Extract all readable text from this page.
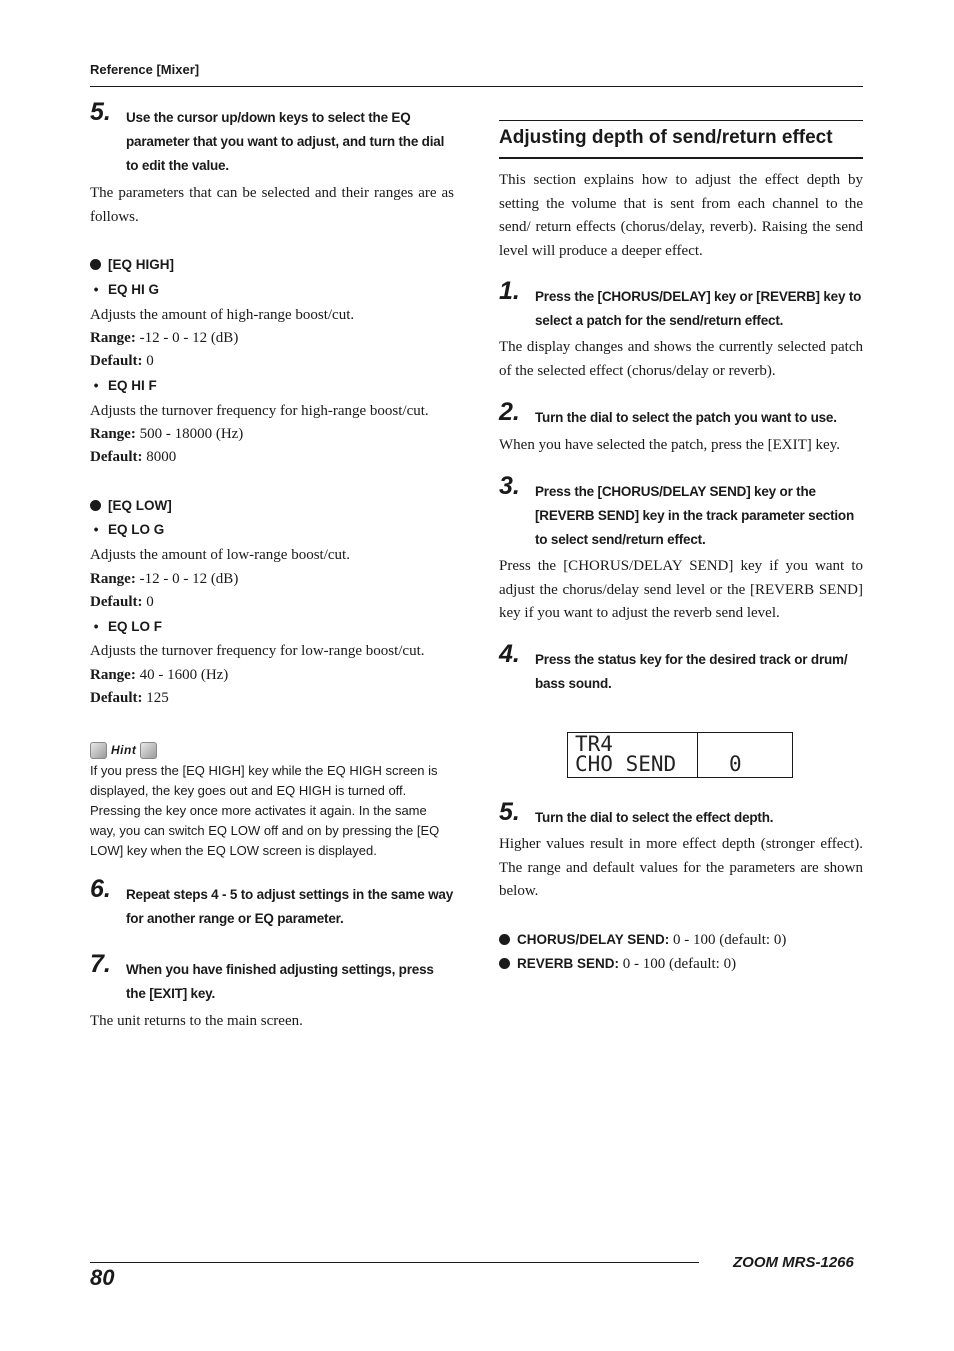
Reference [Mixer]
5. Use the cursor up/down keys to select the EQ parameter that you want to adjust, and turn the dial to edit the value.
The parameters that can be selected and their ranges are as follows.
[EQ HIGH]
• EQ HI G
Adjusts the amount of high-range boost/cut.
Range: -12 - 0 - 12 (dB)
Default: 0
• EQ HI F
Adjusts the turnover frequency for high-range boost/cut.
Range: 500 - 18000 (Hz)
Default: 8000
[EQ LOW]
• EQ LO G
Adjusts the amount of low-range boost/cut.
Range: -12 - 0 - 12 (dB)
Default: 0
• EQ LO F
Adjusts the turnover frequency for low-range boost/cut.
Range: 40 - 1600 (Hz)
Default: 125
Hint
If you press the [EQ HIGH] key while the EQ HIGH screen is displayed, the key goes out and EQ HIGH is turned off. Pressing the key once more activates it again. In the same way, you can switch EQ LOW off and on by pressing the [EQ LOW] key when the EQ LOW screen is displayed.
6. Repeat steps 4 - 5 to adjust settings in the same way for another range or EQ parameter.
7. When you have finished adjusting settings, press the [EXIT] key.
The unit returns to the main screen.
Adjusting depth of send/return effect
This section explains how to adjust the effect depth by setting the volume that is sent from each channel to the send/ return effects (chorus/delay, reverb). Raising the send level will produce a deeper effect.
1. Press the [CHORUS/DELAY] key or [REVERB] key to select a patch for the send/return effect.
The display changes and shows the currently selected patch of the selected effect (chorus/delay or reverb).
2. Turn the dial to select the patch you want to use.
When you have selected the patch, press the [EXIT] key.
3. Press the [CHORUS/DELAY SEND] key or the [REVERB SEND] key in the track parameter section to select send/return effect.
Press the [CHORUS/DELAY SEND] key if you want to adjust the chorus/delay send level or the [REVERB SEND] key if you want to adjust the reverb send level.
4. Press the status key for the desired track or drum/ bass sound.
TR4
CHO SEND	0
5. Turn the dial to select the effect depth.
Higher values result in more effect depth (stronger effect). The range and default values for the parameters are shown below.
CHORUS/DELAY SEND: 0 - 100 (default: 0)
REVERB SEND: 0 - 100 (default: 0)
ZOOM MRS-1266
80
